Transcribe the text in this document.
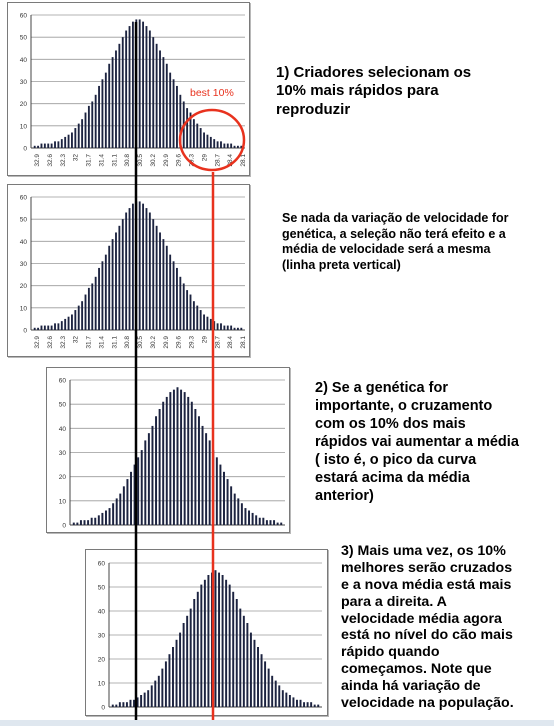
0
10
20
30
40
50
60
32.9 32.6 32.3 32 31.7 31.4 31.1 30.8 30.5 30.2 29.9 29.6 29.3 29 28.7 28.4 28.1
0
10
20
30
40
50
60
32.9 32.6 32.3 32 31.7 31.4 31.1 30.8 30.5 30.2 29.9 29.6 29.3 29 28.7 28.4 28.1
0
10
20
30
40
50
60
0
10
20
30
40
50
60
1) Criadores selecionam os
10% mais rápidos para
reproduzir
Se nada da variação de velocidade for
genética, a seleção não terá efeito e a
média de velocidade será a mesma
(linha preta vertical)
2) Se a genética for
importante, o cruzamento
com os 10% dos mais
rápidos vai aumentar a média
( isto é, o pico da curva
estará acima da média
anterior)
3) Mais uma vez, os 10%
melhores serão cruzados
e a nova média está mais
para a direita. A
velocidade média agora
está no nível do cão mais
rápido quando
começamos. Note que
ainda há variação de
velocidade na população.
best 10%
